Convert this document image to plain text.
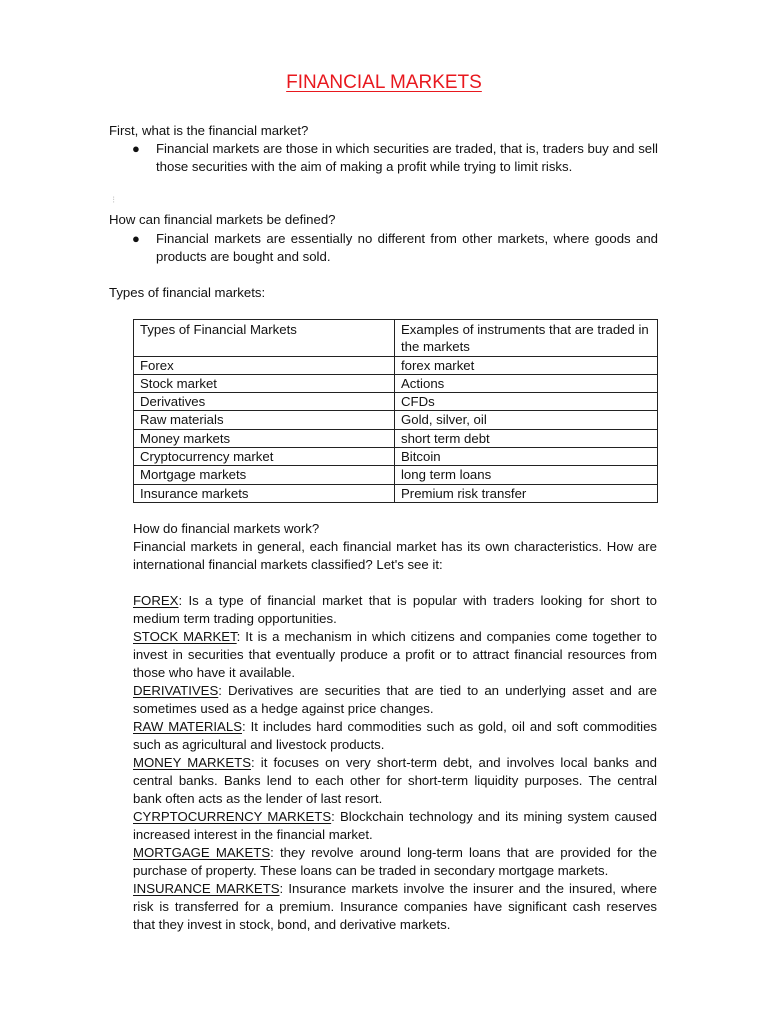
FINANCIAL MARKETS
First, what is the financial market?
●	Financial markets are those in which securities are traded, that is, traders buy and sell those securities with the aim of making a profit while trying to limit risks.
⁝
How can financial markets be defined?
●	Financial markets are essentially no different from other markets, where goods and products are bought and sold.
Types of financial markets:
Types of Financial Markets	Examples of instruments that are traded in the markets
Forex	forex market
Stock market	Actions
Derivatives	CFDs
Raw materials	Gold, silver, oil
Money markets	short term debt
Cryptocurrency market	Bitcoin
Mortgage markets	long term loans
Insurance markets	Premium risk transfer
How do financial markets work?
Financial markets in general, each financial market has its own characteristics. How are international financial markets classified? Let's see it:
FOREX: Is a type of financial market that is popular with traders looking for short to medium term trading opportunities.
STOCK MARKET: It is a mechanism in which citizens and companies come together to invest in securities that eventually produce a profit or to attract financial resources from those who have it available.
DERIVATIVES: Derivatives are securities that are tied to an underlying asset and are sometimes used as a hedge against price changes.
RAW MATERIALS: It includes hard commodities such as gold, oil and soft commodities such as agricultural and livestock products.
MONEY MARKETS: it focuses on very short-term debt, and involves local banks and central banks. Banks lend to each other for short-term liquidity purposes. The central bank often acts as the lender of last resort.
CYRPTOCURRENCY MARKETS: Blockchain technology and its mining system caused increased interest in the financial market.
MORTGAGE MAKETS: they revolve around long-term loans that are provided for the purchase of property. These loans can be traded in secondary mortgage markets.
INSURANCE MARKETS: Insurance markets involve the insurer and the insured, where risk is transferred for a premium. Insurance companies have significant cash reserves that they invest in stock, bond, and derivative markets.
